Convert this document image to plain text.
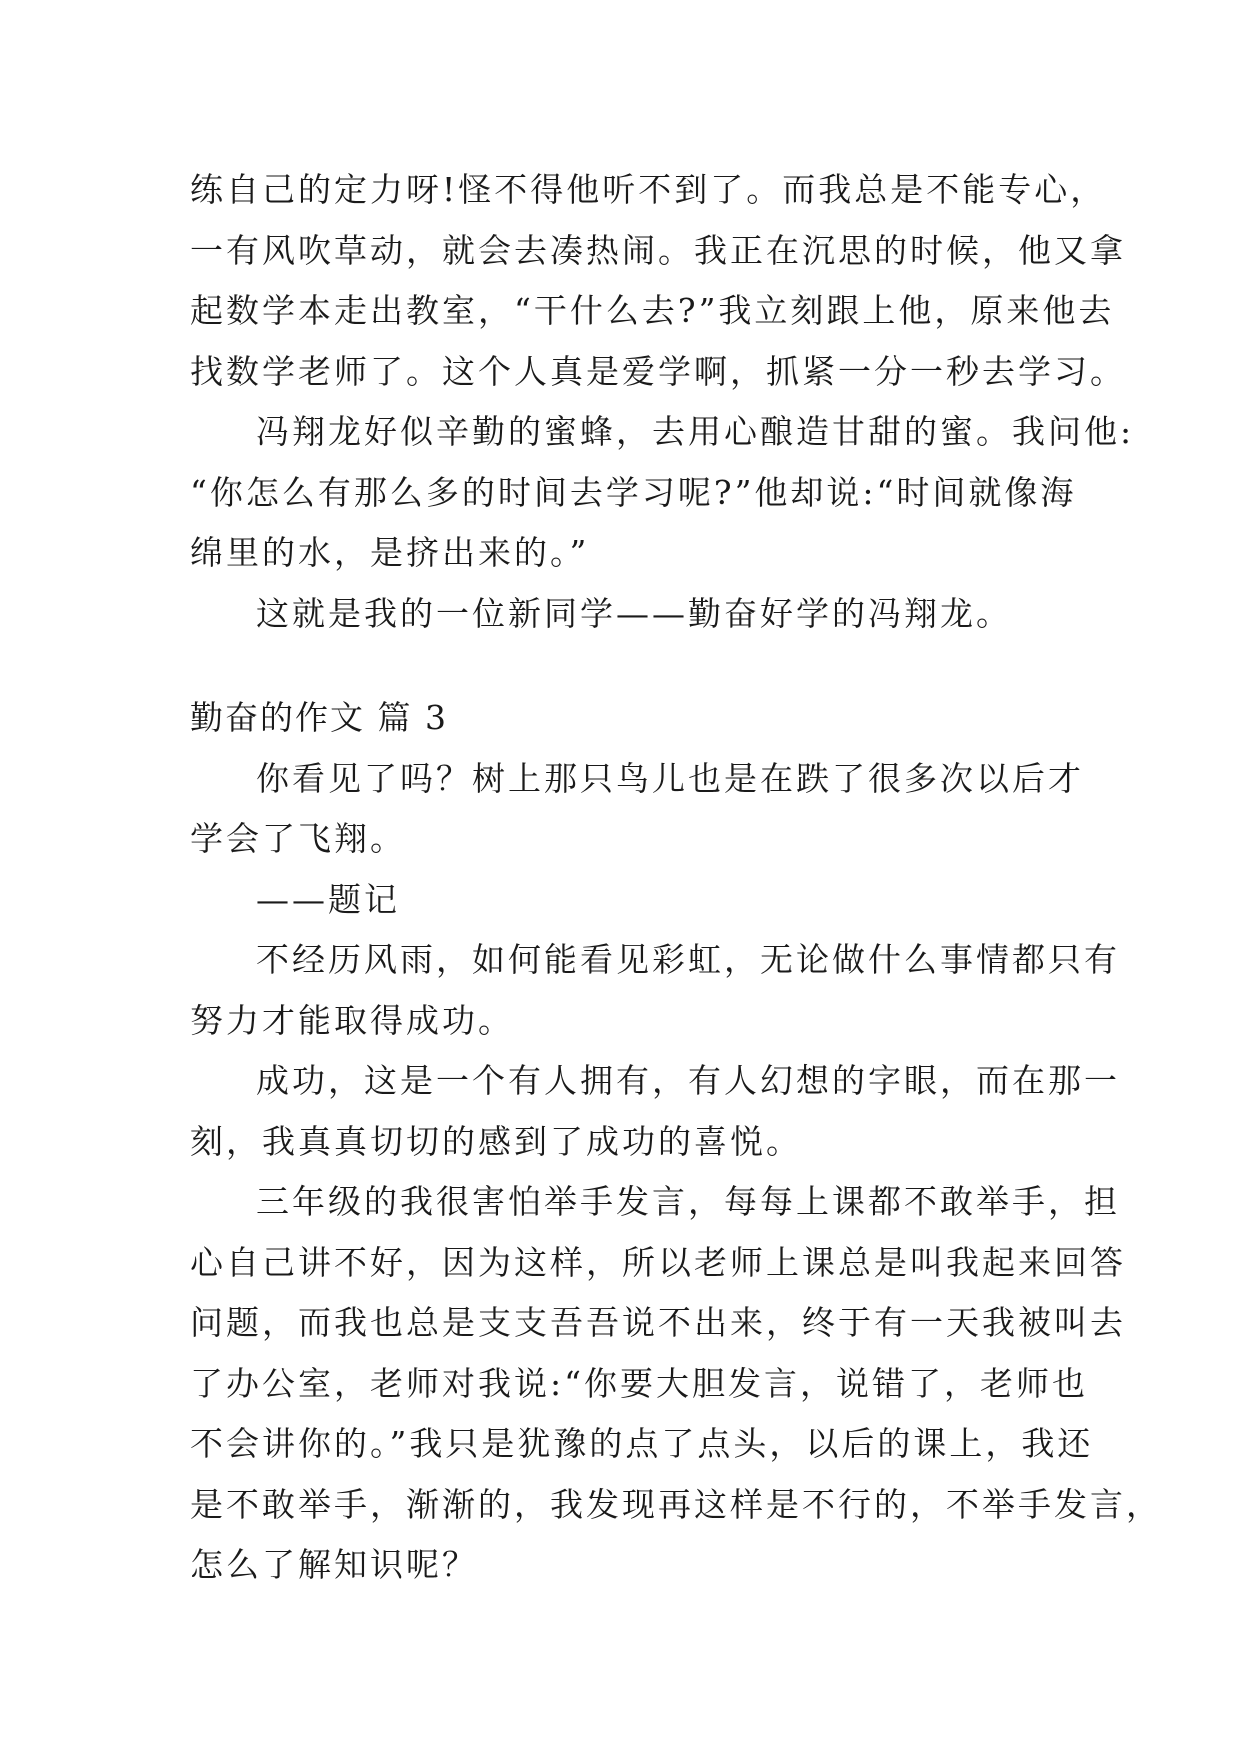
练自己的定力呀!怪不得他听不到了。而我总是不能专心，
一有风吹草动，就会去凑热闹。我正在沉思的时候，他又拿
起数学本走出教室，“干什么去?”我立刻跟上他，原来他去
找数学老师了。这个人真是爱学啊，抓紧一分一秒去学习。
冯翔龙好似辛勤的蜜蜂，去用心酿造甘甜的蜜。我问他:
“你怎么有那么多的时间去学习呢?”他却说:“时间就像海
绵里的水，是挤出来的。”
这就是我的一位新同学——勤奋好学的冯翔龙。
勤奋的作文 篇 3
你看见了吗？树上那只鸟儿也是在跌了很多次以后才
学会了飞翔。
——题记
不经历风雨，如何能看见彩虹，无论做什么事情都只有
努力才能取得成功。
成功，这是一个有人拥有，有人幻想的字眼，而在那一
刻，我真真切切的感到了成功的喜悦。
三年级的我很害怕举手发言，每每上课都不敢举手，担
心自己讲不好，因为这样，所以老师上课总是叫我起来回答
问题，而我也总是支支吾吾说不出来，终于有一天我被叫去
了办公室，老师对我说:“你要大胆发言，说错了，老师也
不会讲你的。”我只是犹豫的点了点头，以后的课上，我还
是不敢举手，渐渐的，我发现再这样是不行的，不举手发言，
怎么了解知识呢？
